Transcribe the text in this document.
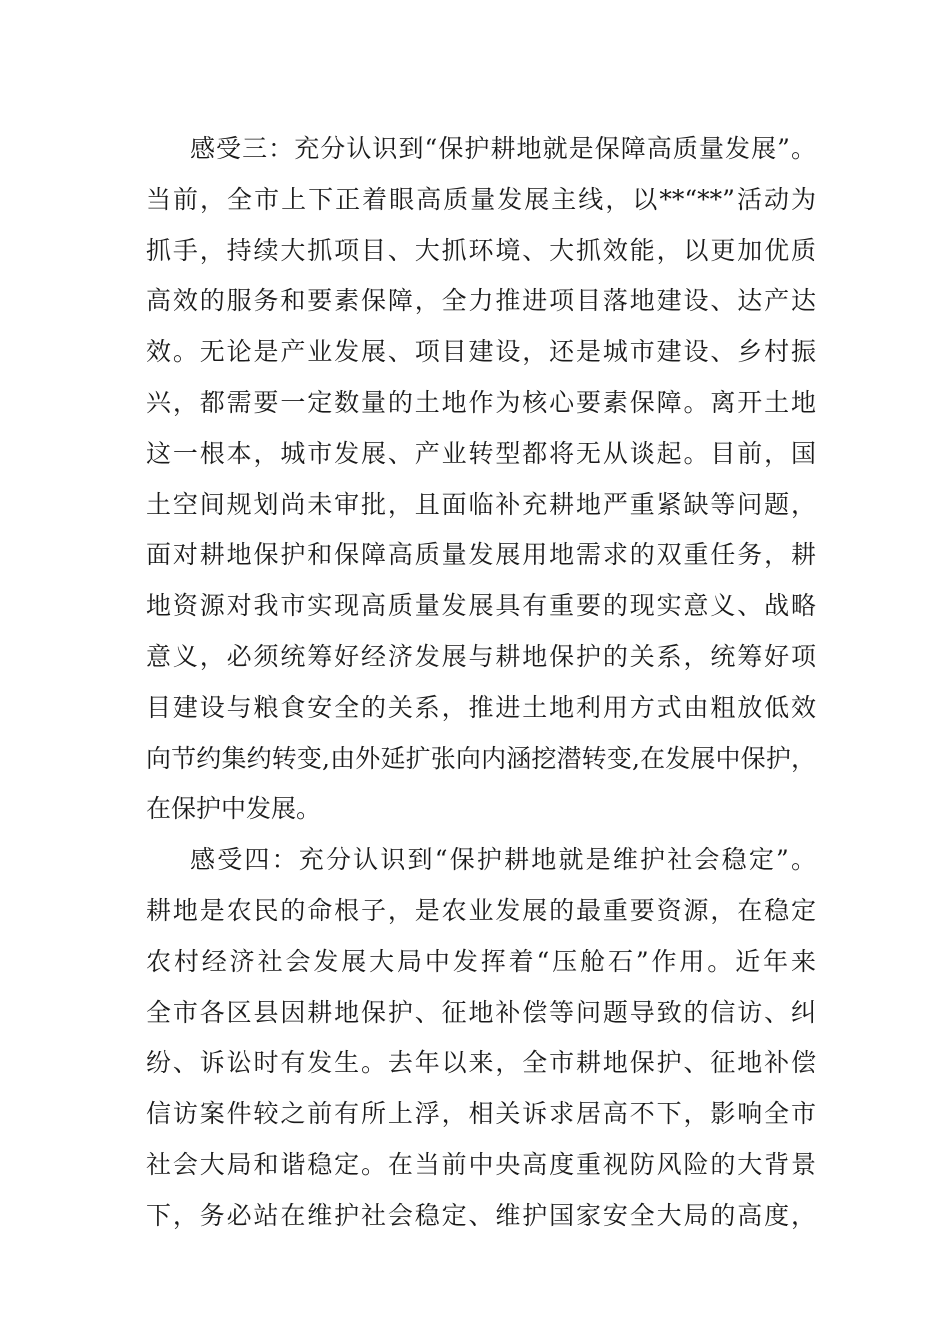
感受三：充分认识到“保护耕地就是保障高质量发展”。
当前，全市上下正着眼高质量发展主线，以**“**”活动为
抓手，持续大抓项目、大抓环境、大抓效能，以更加优质
高效的服务和要素保障，全力推进项目落地建设、达产达
效。无论是产业发展、项目建设，还是城市建设、乡村振
兴，都需要一定数量的土地作为核心要素保障。离开土地
这一根本，城市发展、产业转型都将无从谈起。目前，国
土空间规划尚未审批，且面临补充耕地严重紧缺等问题，
面对耕地保护和保障高质量发展用地需求的双重任务，耕
地资源对我市实现高质量发展具有重要的现实意义、战略
意义，必须统筹好经济发展与耕地保护的关系，统筹好项
目建设与粮食安全的关系，推进土地利用方式由粗放低效
向节约集约转变,由外延扩张向内涵挖潜转变,在发展中保护，
在保护中发展。
感受四：充分认识到“保护耕地就是维护社会稳定”。
耕地是农民的命根子，是农业发展的最重要资源，在稳定
农村经济社会发展大局中发挥着“压舱石”作用。近年来
全市各区县因耕地保护、征地补偿等问题导致的信访、纠
纷、诉讼时有发生。去年以来，全市耕地保护、征地补偿
信访案件较之前有所上浮，相关诉求居高不下，影响全市
社会大局和谐稳定。在当前中央高度重视防风险的大背景
下，务必站在维护社会稳定、维护国家安全大局的高度，
